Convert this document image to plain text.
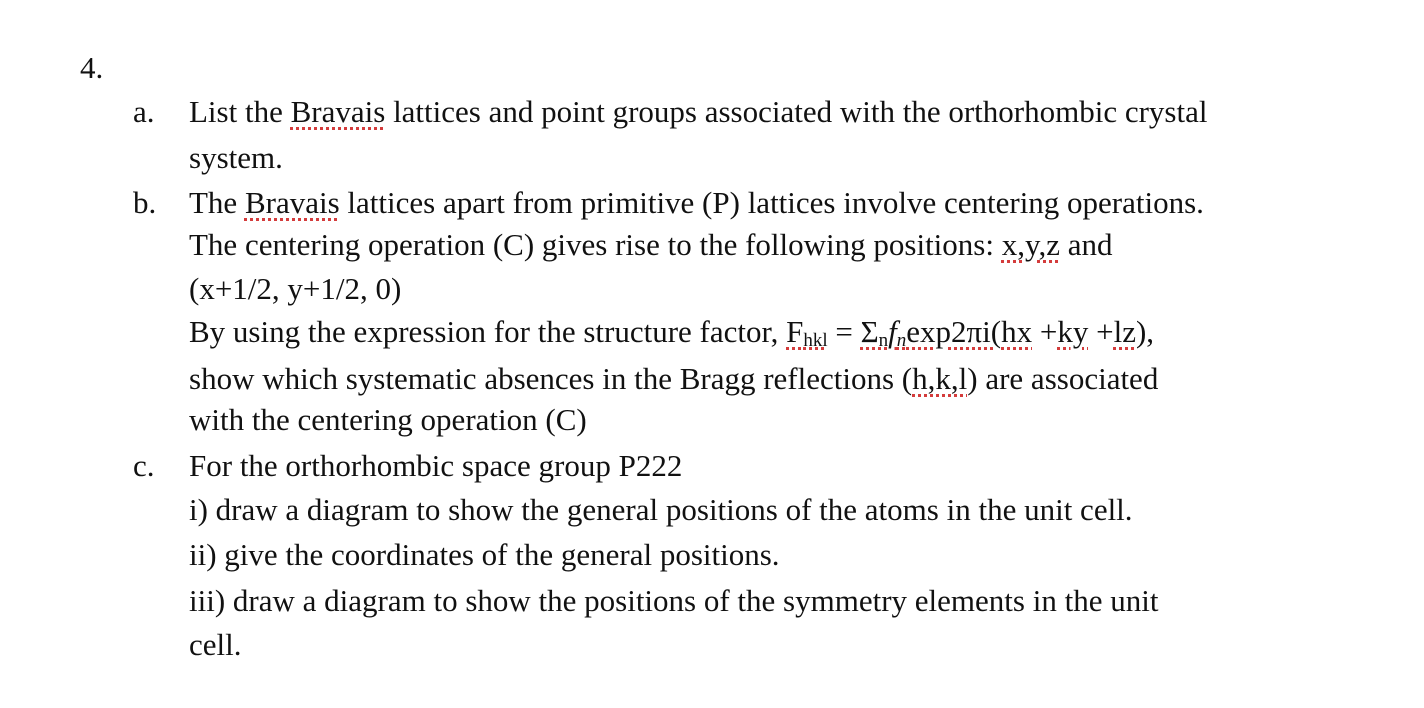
4.
a. List the Bravais lattices and point groups associated with the orthorhombic crystal
system.
b. The Bravais lattices apart from primitive (P) lattices involve centering operations.
The centering operation (C) gives rise to the following positions: x,y,z and
(x+1/2, y+1/2, 0)
By using the expression for the structure factor, $F_{hkl} = \Sigma_nf_n\exp 2\pi i(hx +ky +lz)$,
show which systematic absences in the Bragg reflections (h,k,l) are associated
with the centering operation (C)
c. For the orthorhombic space group P222
i) draw a diagram to show the general positions of the atoms in the unit cell.
ii) give the coordinates of the general positions.
iii) draw a diagram to show the positions of the symmetry elements in the unit
cell.
